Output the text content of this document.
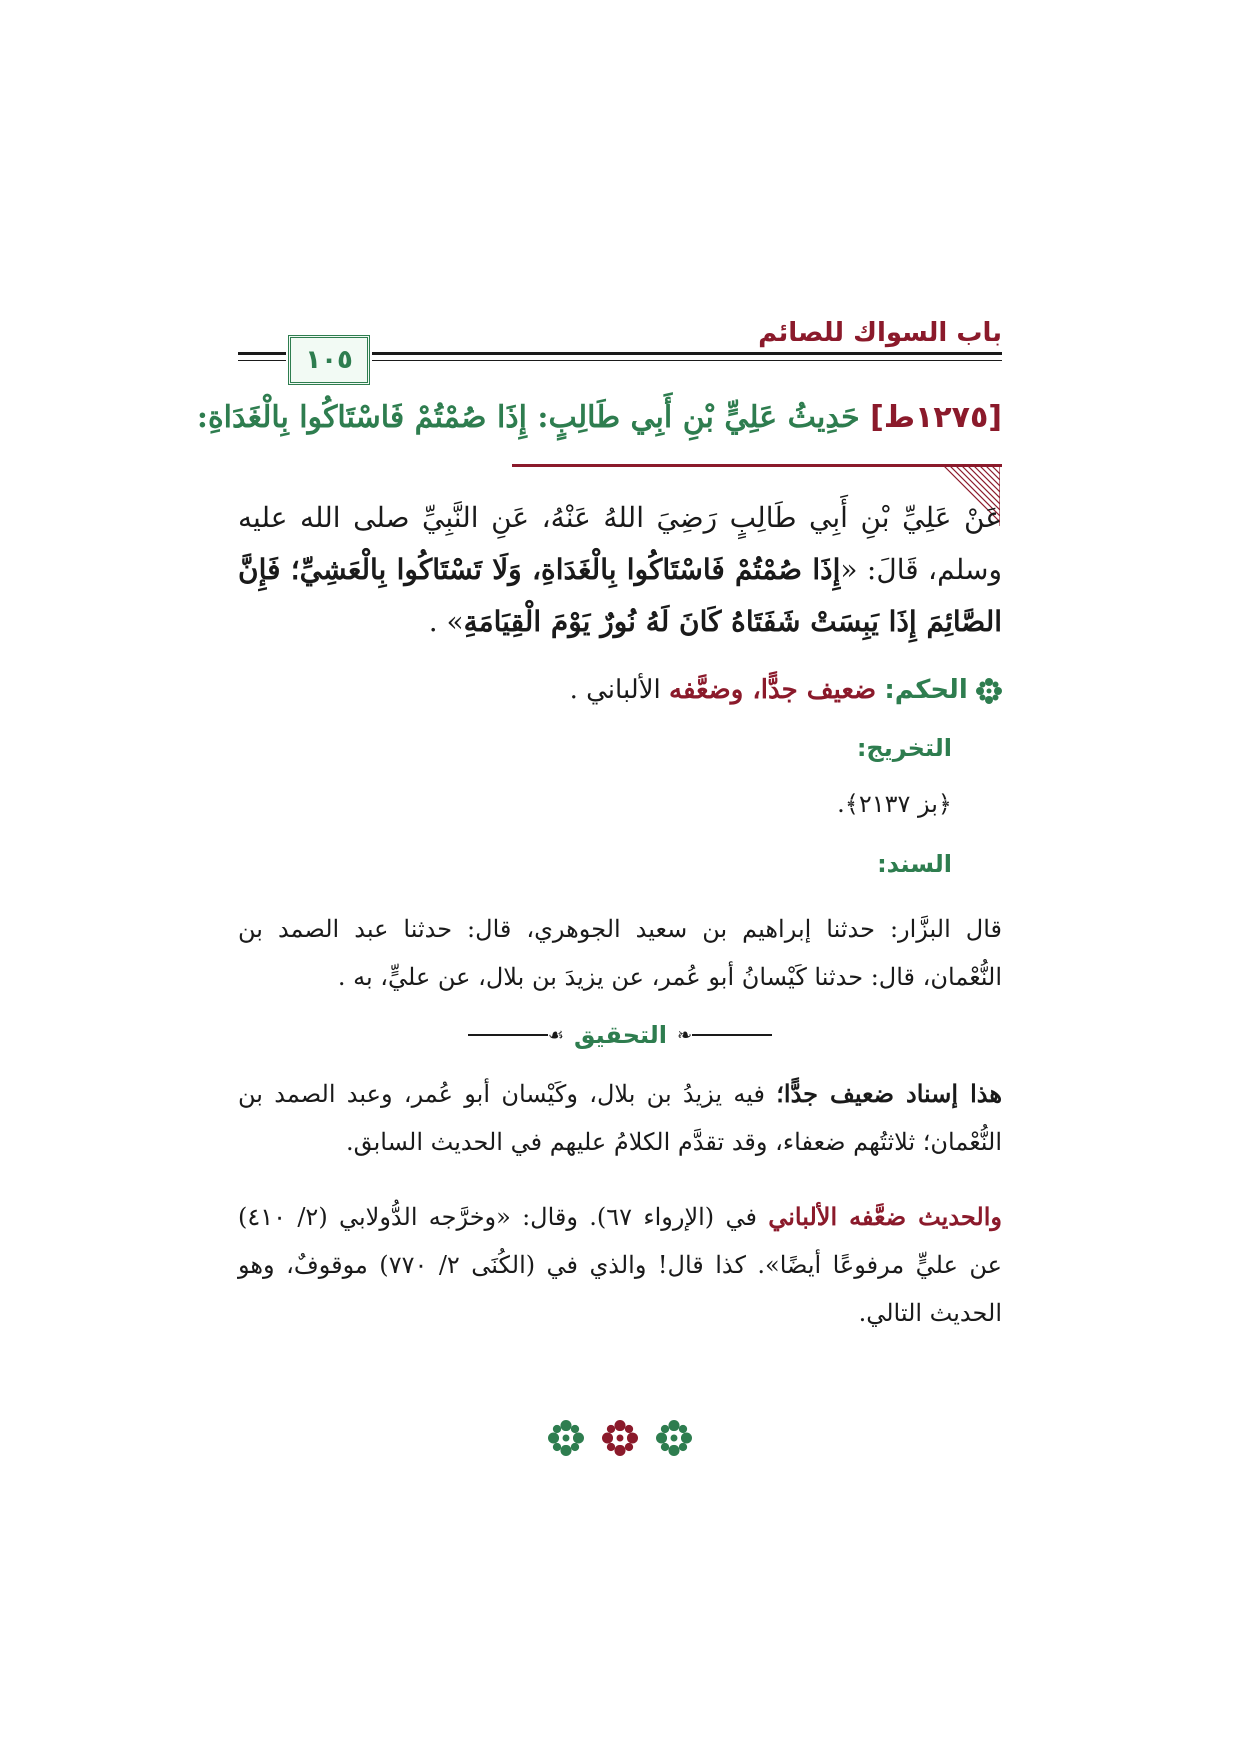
باب السواك للصائم
١٠٥
[١٢٧٥ط] حَدِيثُ عَلِيٍّ بْنِ أَبِي طَالِبٍ: إِذَا صُمْتُمْ فَاسْتَاكُوا بِالْغَدَاةِ:
عَنْ عَلِيِّ بْنِ أَبِي طَالِبٍ رَضِيَ اللهُ عَنْهُ، عَنِ النَّبِيِّ صلى الله عليه وسلم، قَالَ: «إِذَا صُمْتُمْ فَاسْتَاكُوا بِالْغَدَاةِ، وَلَا تَسْتَاكُوا بِالْعَشِيِّ؛ فَإِنَّ الصَّائِمَ إِذَا يَبِسَتْ شَفَتَاهُ كَانَ لَهُ نُورٌ يَوْمَ الْقِيَامَةِ» .
الحكم: ضعيف جدًّا، وضعَّفه الألباني .
التخريج:
﴿بز ٢١٣٧﴾.
السند:
قال البزَّار: حدثنا إبراهيم بن سعيد الجوهري، قال: حدثنا عبد الصمد بن النُّعْمان، قال: حدثنا كَيْسانُ أبو عُمر، عن يزيدَ بن بلال، عن عليٍّ، به .
❧
التحقيق
☙
هذا إسناد ضعيف جدًّا؛ فيه يزيدُ بن بلال، وكَيْسان أبو عُمر، وعبد الصمد بن النُّعْمان؛ ثلاثتُهم ضعفاء، وقد تقدَّم الكلامُ عليهم في الحديث السابق.
والحديث ضعَّفه الألباني في (الإرواء ٦٧). وقال: «وخرَّجه الدُّولابي (٢/ ٤١٠) عن عليٍّ مرفوعًا أيضًا». كذا قال! والذي في (الكُنَى ٢/ ٧٧٠) موقوفٌ، وهو الحديث التالي.
